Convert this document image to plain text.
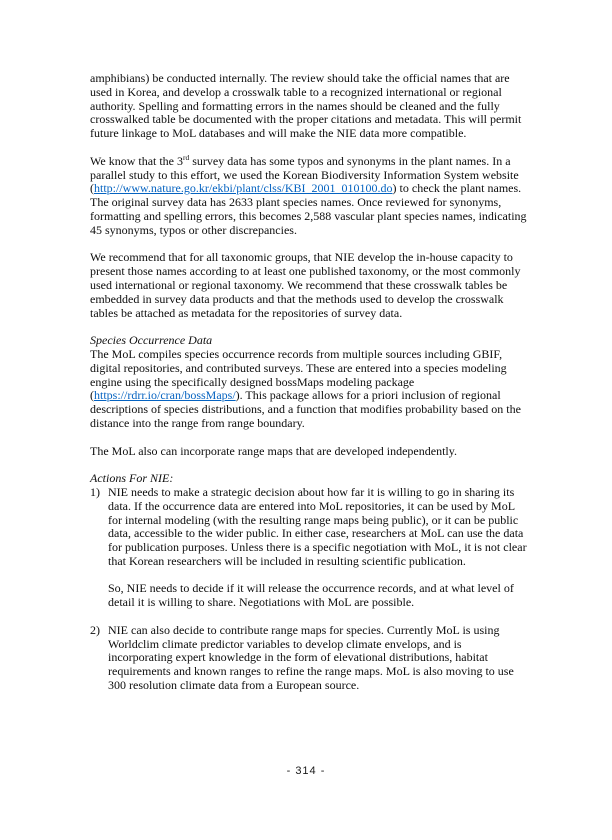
amphibians) be conducted internally. The review should take the official names that are used in Korea, and develop a crosswalk table to a recognized international or regional authority. Spelling and formatting errors in the names should be cleaned and the fully crosswalked table be documented with the proper citations and metadata. This will permit future linkage to MoL databases and will make the NIE data more compatible.

We know that the 3rd survey data has some typos and synonyms in the plant names. In a parallel study to this effort, we used the Korean Biodiversity Information System website (http://www.nature.go.kr/ekbi/plant/clss/KBI_2001_010100.do) to check the plant names. The original survey data has 2633 plant species names. Once reviewed for synonyms, formatting and spelling errors, this becomes 2,588 vascular plant species names, indicating 45 synonyms, typos or other discrepancies.

We recommend that for all taxonomic groups, that NIE develop the in-house capacity to present those names according to at least one published taxonomy, or the most commonly used international or regional taxonomy. We recommend that these crosswalk tables be embedded in survey data products and that the methods used to develop the crosswalk tables be attached as metadata for the repositories of survey data.

Species Occurrence Data

The MoL compiles species occurrence records from multiple sources including GBIF, digital repositories, and contributed surveys. These are entered into a species modeling engine using the specifically designed bossMaps modeling package (https://rdrr.io/cran/bossMaps/). This package allows for a priori inclusion of regional descriptions of species distributions, and a function that modifies probability based on the distance into the range from range boundary.

The MoL also can incorporate range maps that are developed independently.

Actions For NIE:

1) NIE needs to make a strategic decision about how far it is willing to go in sharing its data. If the occurrence data are entered into MoL repositories, it can be used by MoL for internal modeling (with the resulting range maps being public), or it can be public data, accessible to the wider public. In either case, researchers at MoL can use the data for publication purposes. Unless there is a specific negotiation with MoL, it is not clear that Korean researchers will be included in resulting scientific publication.

So, NIE needs to decide if it will release the occurrence records, and at what level of detail it is willing to share. Negotiations with MoL are possible.

2) NIE can also decide to contribute range maps for species. Currently MoL is using Worldclim climate predictor variables to develop climate envelops, and is incorporating expert knowledge in the form of elevational distributions, habitat requirements and known ranges to refine the range maps. MoL is also moving to use 300 resolution climate data from a European source.
- 314 -
